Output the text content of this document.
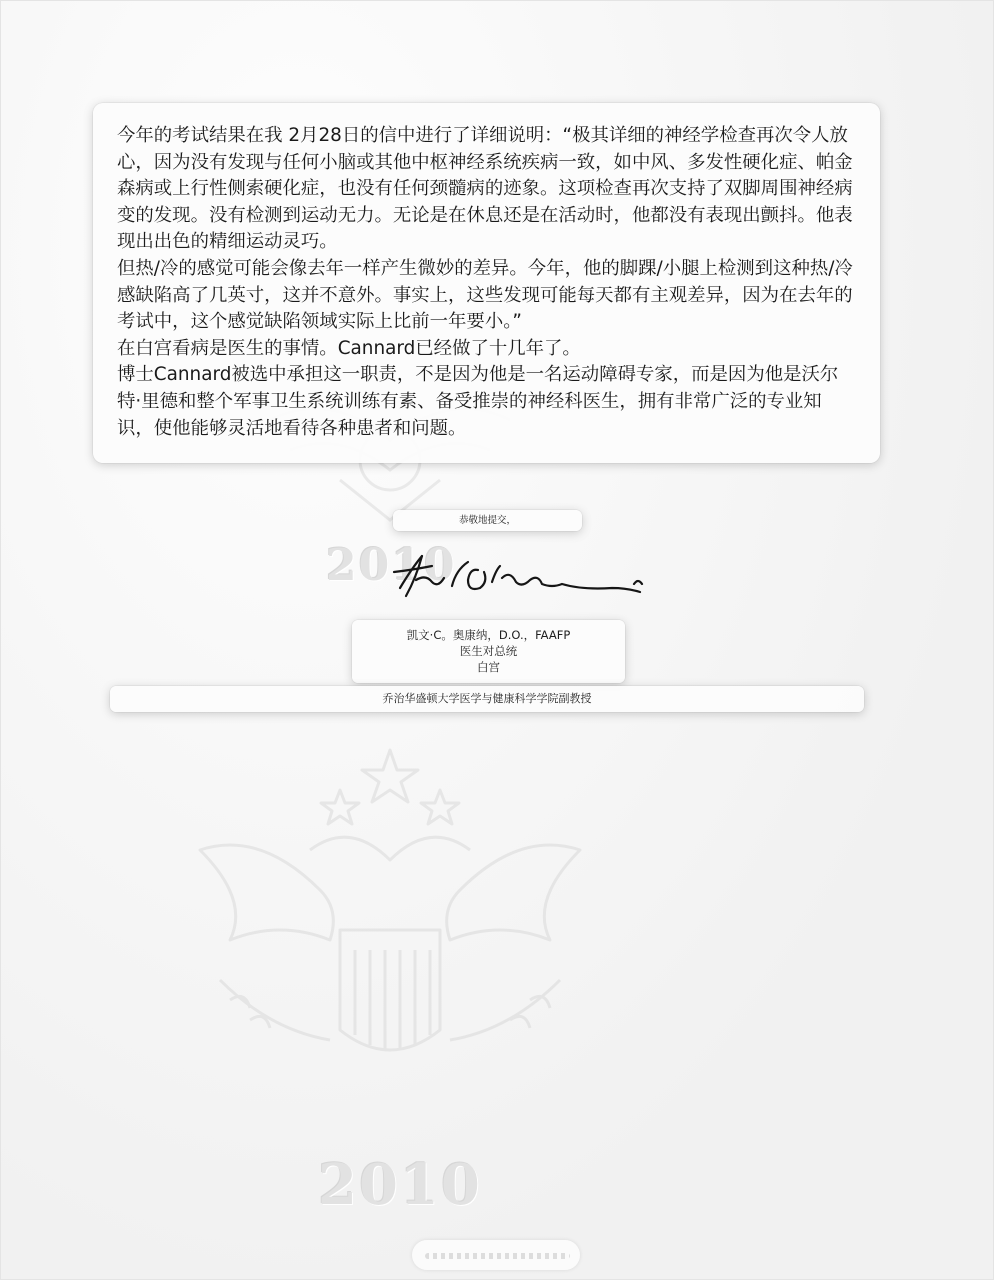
2010
2010

今年的考试结果在我 2月28日的信中进行了详细说明：“极其详细的神经学检查再次令人放心，因为没有发现与任何小脑或其他中枢神经系统疾病一致，如中风、多发性硬化症、帕金森病或上行性侧索硬化症，也没有任何颈髓病的迹象。这项检查再次支持了双脚周围神经病变的发现。没有检测到运动无力。无论是在休息还是在活动时，他都没有表现出颤抖。他表现出出色的精细运动灵巧。

但热/冷的感觉可能会像去年一样产生微妙的差异。今年，他的脚踝/小腿上检测到这种热/冷感缺陷高了几英寸，这并不意外。事实上，这些发现可能每天都有主观差异，因为在去年的考试中，这个感觉缺陷领域实际上比前一年要小。”

在白宫看病是医生的事情。Cannard已经做了十几年了。

博士Cannard被选中承担这一职责，不是因为他是一名运动障碍专家，而是因为他是沃尔特·里德和整个军事卫生系统训练有素、备受推崇的神经科医生，拥有非常广泛的专业知识，使他能够灵活地看待各种患者和问题。

恭敬地提交，
凯文·C。奥康纳，D.O.，FAAFP
医生对总统
白宫
乔治华盛顿大学医学与健康科学学院副教授
